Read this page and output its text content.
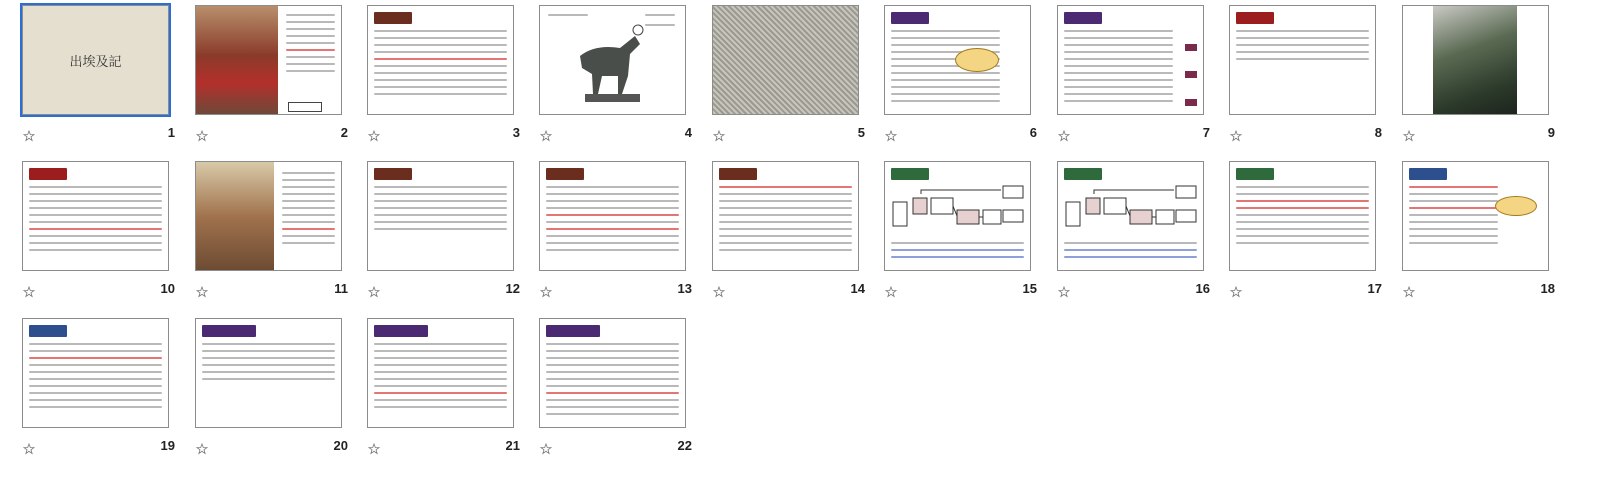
出埃及記
1	2	3	4	5	6	7	8	9
10	11	12	13	14	15	16	17	18
19	20	21	22
